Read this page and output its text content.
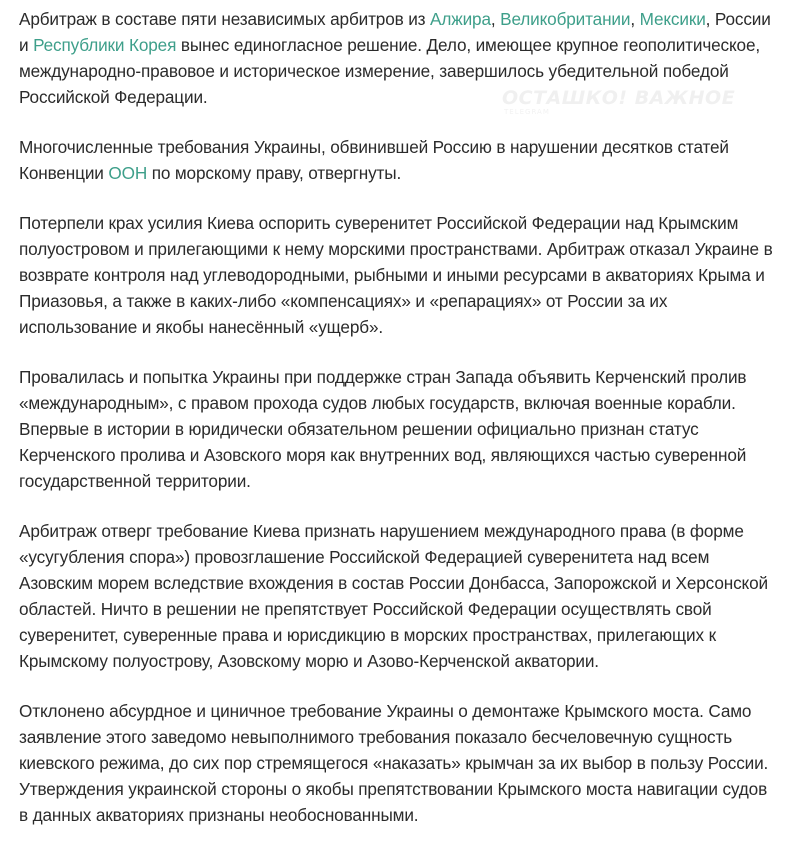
ОСТАШКО! ВАЖНОЕ
TELEGRAM

Арбитраж в составе пяти независимых арбитров из Алжира, Великобритании, Мексики, России и Республики Корея вынес единогласное решение. Дело, имеющее крупное геополитическое, международно-правовое и историческое измерение, завершилось убедительной победой Российской Федерации.

Многочисленные требования Украины, обвинившей Россию в нарушении десятков статей Конвенции ООН по морскому праву, отвергнуты.

Потерпели крах усилия Киева оспорить суверенитет Российской Федерации над Крымским полуостровом и прилегающими к нему морскими пространствами. Арбитраж отказал Украине в возврате контроля над углеводородными, рыбными и иными ресурсами в акваториях Крыма и Приазовья, а также в каких-либо «компенсациях» и «репарациях» от России за их использование и якобы нанесённый «ущерб».

Провалилась и попытка Украины при поддержке стран Запада объявить Керченский пролив «международным», с правом прохода судов любых государств, включая военные корабли. Впервые в истории в юридически обязательном решении официально признан статус Керченского пролива и Азовского моря как внутренних вод, являющихся частью суверенной государственной территории.

Арбитраж отверг требование Киева признать нарушением международного права (в форме «усугубления спора») провозглашение Российской Федерацией суверенитета над всем Азовским морем вследствие вхождения в состав России Донбасса, Запорожской и Херсонской областей. Ничто в решении не препятствует Российской Федерации осуществлять свой суверенитет, суверенные права и юрисдикцию в морских пространствах, прилегающих к Крымскому полуострову, Азовскому морю и Азово-Керченской акватории.

Отклонено абсурдное и циничное требование Украины о демонтаже Крымского моста. Само заявление этого заведомо невыполнимого требования показало бесчеловечную сущность киевского режима, до сих пор стремящегося «наказать» крымчан за их выбор в пользу России. Утверждения украинской стороны о якобы препятствовании Крымского моста навигации судов в данных акваториях признаны необоснованными.
